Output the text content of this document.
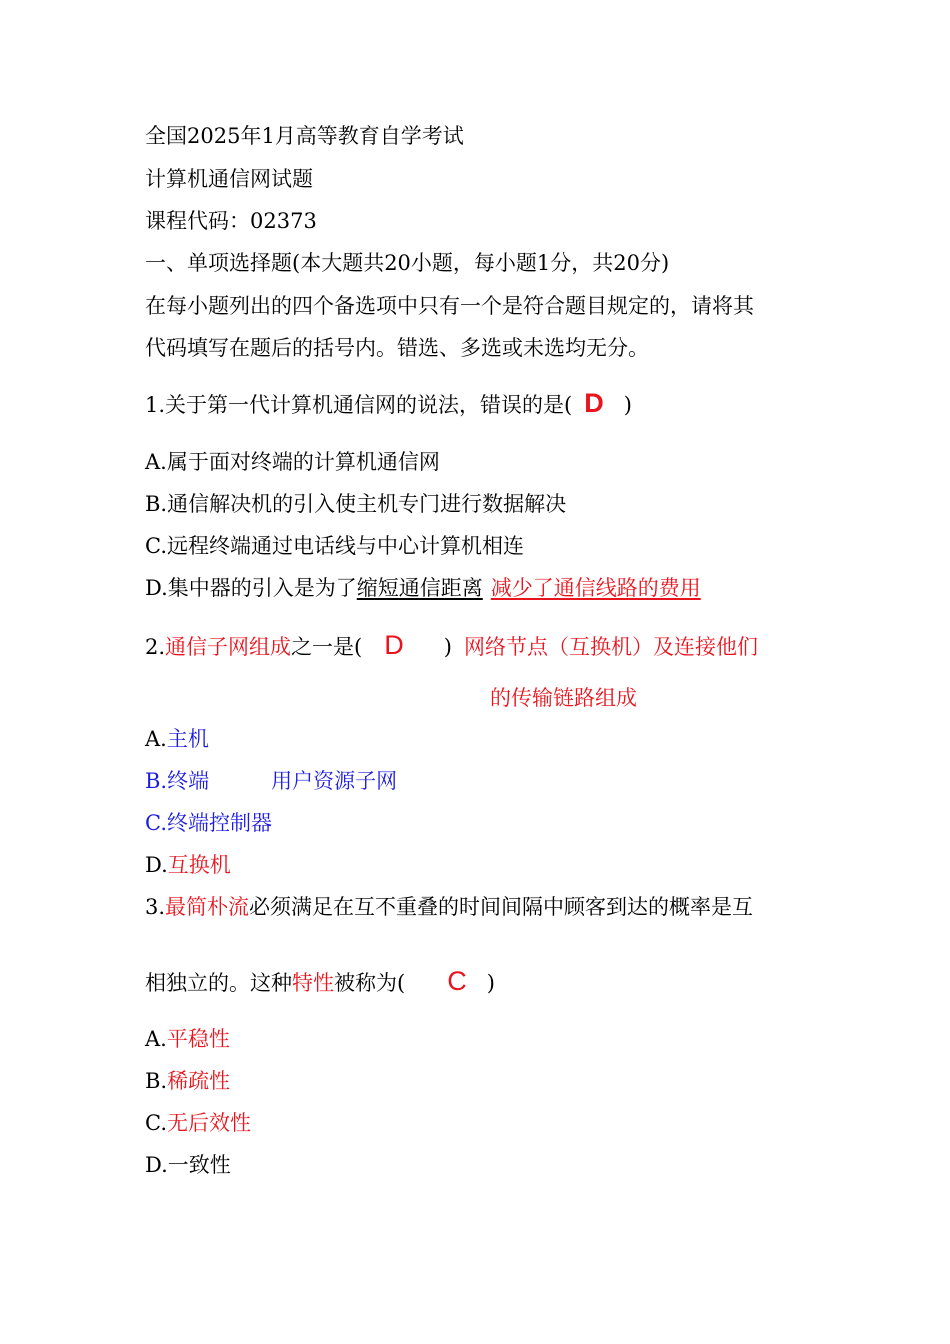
全国2025年1月高等教育自学考试
计算机通信网试题
课程代码：02373
一、单项选择题(本大题共20小题，每小题1分，共20分)
在每小题列出的四个备选项中只有一个是符合题目规定的，请将其
代码填写在题后的括号内。错选、多选或未选均无分。
1.关于第一代计算机通信网的说法，错误的是( D )
A.属于面对终端的计算机通信网
B.通信解决机的引入使主机专门进行数据解决
C.远程终端通过电话线与中心计算机相连
D.集中器的引入是为了缩短通信距离 减少了通信线路的费用
2.通信子网组成之一是( D ) 网络节点（互换机）及连接他们
的传输链路组成
A.主机
B.终端	用户资源子网
C.终端控制器
D.互换机
3.最简朴流必须满足在互不重叠的时间间隔中顾客到达的概率是互
相独立的。这种特性被称为( C )
A.平稳性
B.稀疏性
C.无后效性
D.一致性
